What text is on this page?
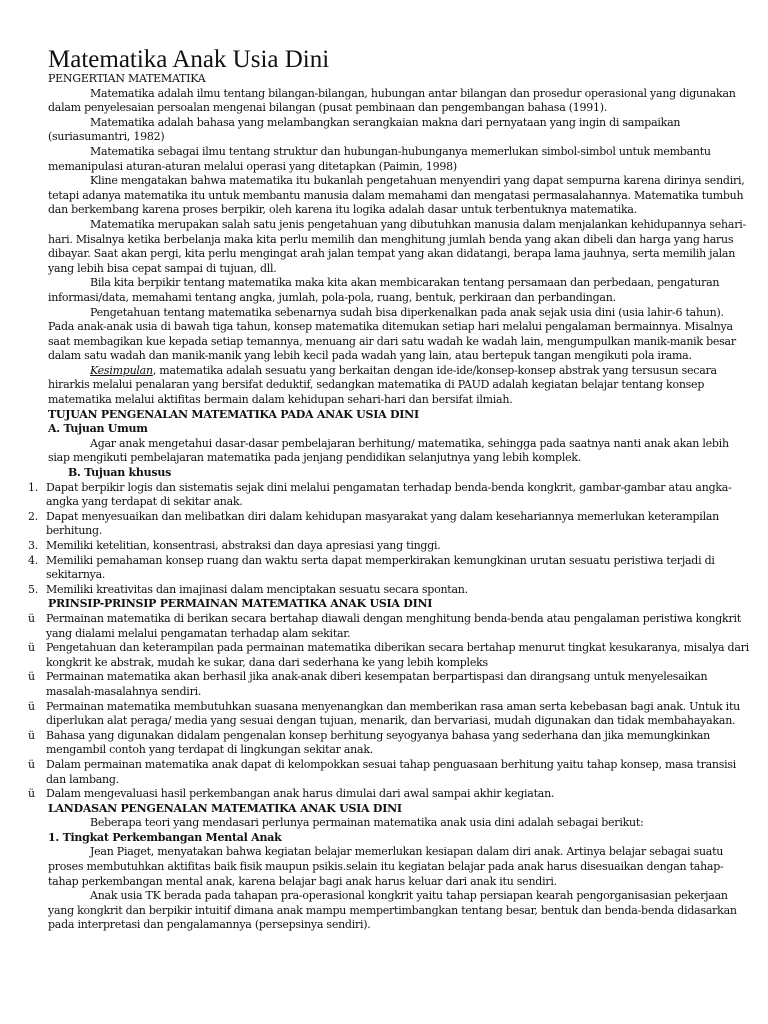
Matematika Anak Usia Dini
PENGERTIAN MATEMATIKA
Matematika adalah ilmu tentang bilangan-bilangan, hubungan antar bilangan dan prosedur operasional yang digunakan dalam penyelesaian persoalan mengenai bilangan (pusat pembinaan dan pengembangan bahasa (1991).
Matematika adalah bahasa yang melambangkan serangkaian makna dari pernyataan yang ingin di sampaikan (suriasumantri, 1982)
Matematika sebagai ilmu tentang struktur dan hubungan-hubunganya memerlukan simbol-simbol untuk membantu memanipulasi aturan-aturan melalui operasi yang ditetapkan (Paimin, 1998)
Kline mengatakan bahwa matematika itu bukanlah pengetahuan menyendiri yang dapat sempurna karena dirinya sendiri, tetapi adanya matematika itu untuk membantu manusia dalam memahami dan mengatasi permasalahannya. Matematika tumbuh dan berkembang karena proses berpikir, oleh karena itu logika adalah dasar untuk terbentuknya matematika.
Matematika merupakan salah satu jenis pengetahuan yang dibutuhkan manusia dalam menjalankan kehidupannya sehari-hari. Misalnya ketika berbelanja maka kita perlu memilih dan menghitung jumlah benda yang akan dibeli dan harga yang harus dibayar. Saat akan pergi, kita perlu mengingat arah jalan tempat yang akan didatangi, berapa lama jauhnya, serta memilih jalan yang lebih bisa cepat sampai di tujuan, dll.
Bila kita berpikir tentang matematika maka kita akan membicarakan tentang persamaan dan perbedaan, pengaturan informasi/data, memahami tentang angka, jumlah, pola-pola, ruang, bentuk, perkiraan dan perbandingan.
Pengetahuan tentang matematika sebenarnya sudah bisa diperkenalkan pada anak sejak usia dini (usia lahir-6 tahun). Pada anak-anak usia di bawah tiga tahun, konsep matematika ditemukan setiap hari melalui pengalaman bermainnya. Misalnya saat membagikan kue kepada setiap temannya, menuang air dari satu wadah ke wadah lain, mengumpulkan manik-manik besar dalam satu wadah dan manik-manik yang lebih kecil pada wadah yang lain, atau bertepuk tangan mengikuti pola irama.
Kesimpulan, matematika adalah sesuatu yang berkaitan dengan ide-ide/konsep-konsep abstrak yang tersusun secara hirarkis melalui penalaran yang bersifat deduktif, sedangkan matematika di PAUD adalah kegiatan belajar tentang konsep matematika melalui aktifitas bermain dalam kehidupan sehari-hari dan bersifat ilmiah.
TUJUAN PENGENALAN MATEMATIKA PADA ANAK USIA DINI
A. Tujuan Umum
Agar anak mengetahui dasar-dasar pembelajaran berhitung/ matematika, sehingga pada saatnya nanti anak akan lebih siap mengikuti pembelajaran matematika pada jenjang pendidikan selanjutnya yang lebih komplek.
B. Tujuan khusus
1. Dapat berpikir logis dan sistematis sejak dini melalui pengamatan terhadap benda-benda kongkrit, gambar-gambar atau angka-angka yang terdapat di sekitar anak.
2. Dapat menyesuaikan dan melibatkan diri dalam kehidupan masyarakat yang dalam kesehariannya memerlukan keterampilan berhitung.
3. Memiliki ketelitian, konsentrasi, abstraksi dan daya apresiasi yang tinggi.
4. Memiliki pemahaman konsep ruang dan waktu serta dapat memperkirakan kemungkinan urutan sesuatu peristiwa terjadi di sekitarnya.
5. Memiliki kreativitas dan imajinasi dalam menciptakan sesuatu secara spontan.
PRINSIP-PRINSIP PERMAINAN MATEMATIKA ANAK USIA DINI
ü	Permainan matematika di berikan secara bertahap diawali dengan menghitung benda-benda atau pengalaman peristiwa kongkrit yang dialami melalui pengamatan terhadap alam sekitar.
ü	Pengetahuan dan keterampilan pada permainan matematika diberikan secara bertahap menurut tingkat kesukaranya, misalya dari kongkrit ke abstrak, mudah ke sukar, dana dari sederhana ke yang lebih kompleks
ü	Permainan matematika akan berhasil jika anak-anak diberi kesempatan berpartispasi dan dirangsang untuk menyelesaikan masalah-masalahnya sendiri.
ü	Permainan matematika membutuhkan suasana menyenangkan dan memberikan rasa aman serta kebebasan bagi anak. Untuk itu diperlukan alat peraga/ media yang sesuai dengan tujuan, menarik, dan bervariasi, mudah digunakan dan tidak membahayakan.
ü	Bahasa yang digunakan didalam pengenalan konsep berhitung seyogyanya bahasa yang sederhana dan jika memungkinkan mengambil contoh yang terdapat di lingkungan sekitar anak.
ü	Dalam permainan matematika anak dapat di kelompokkan sesuai tahap penguasaan berhitung yaitu tahap konsep, masa transisi dan lambang.
ü	Dalam mengevaluasi hasil perkembangan anak harus dimulai dari awal sampai akhir kegiatan.
LANDASAN PENGENALAN MATEMATIKA ANAK USIA DINI
Beberapa teori yang mendasari perlunya permainan matematika anak usia dini adalah sebagai berikut:
1. Tingkat Perkembangan Mental Anak
Jean Piaget, menyatakan bahwa kegiatan belajar memerlukan kesiapan dalam diri anak. Artinya belajar sebagai suatu proses membutuhkan aktifitas baik fisik maupun psikis.selain itu kegiatan belajar pada anak harus disesuaikan dengan tahap-tahap perkembangan mental anak, karena belajar bagi anak harus keluar dari anak itu sendiri.
Anak usia TK berada pada tahapan pra-operasional kongkrit yaitu tahap persiapan kearah pengorganisasian pekerjaan yang kongkrit dan berpikir intuitif dimana anak mampu mempertimbangkan tentang besar, bentuk dan benda-benda didasarkan pada interpretasi dan pengalamannya (persepsinya sendiri).
